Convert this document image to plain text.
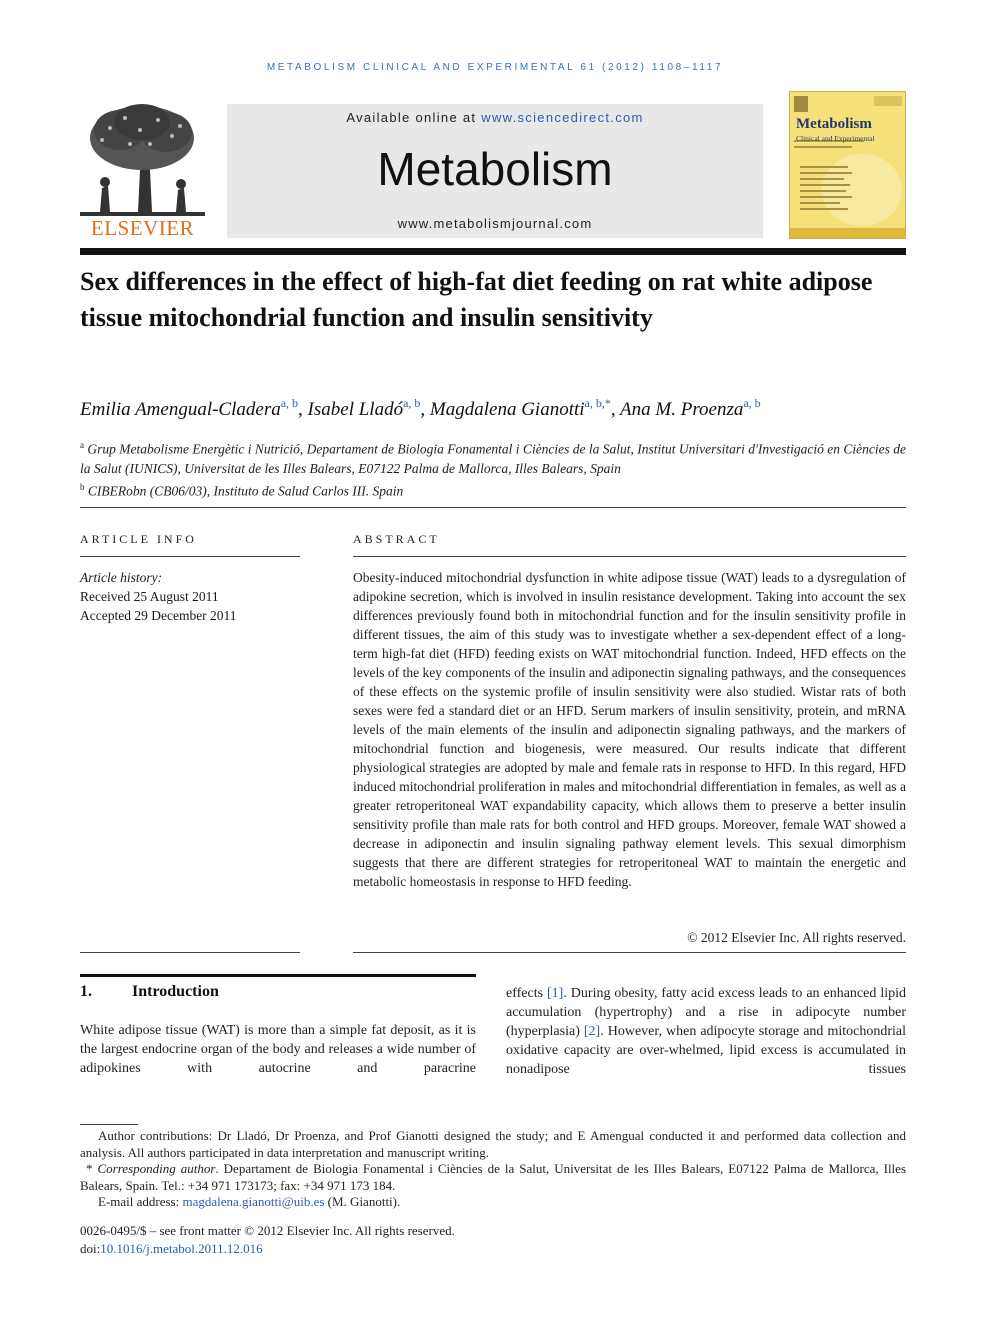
METABOLISM CLINICAL AND EXPERIMENTAL 61 (2012) 1108–1117
ELSEVIER
Available online at www.sciencedirect.com
Metabolism
www.metabolismjournal.com
Metabolism
Clinical and Experimental
Sex differences in the effect of high-fat diet feeding on rat white adipose tissue mitochondrial function and insulin sensitivity
Emilia Amengual-Cladera$^{a, b}$, Isabel Lladó$^{a, b}$, Magdalena Gianotti$^{a, b,*}$, Ana M. Proenza$^{a, b}$
$^a$ Grup Metabolisme Energètic i Nutrició, Departament de Biologia Fonamental i Ciències de la Salut, Institut Universitari d'Investigació en Ciències de la Salut (IUNICS), Universitat de les Illes Balears, E07122 Palma de Mallorca, Illes Balears, Spain
$^b$ CIBERobn (CB06/03), Instituto de Salud Carlos III. Spain
ARTICLE INFO	ABSTRACT
Article history:
Received 25 August 2011
Accepted 29 December 2011
Obesity-induced mitochondrial dysfunction in white adipose tissue (WAT) leads to a dysregulation of adipokine secretion, which is involved in insulin resistance development. Taking into account the sex differences previously found both in mitochondrial function and for the insulin sensitivity profile in different tissues, the aim of this study was to investigate whether a sex-dependent effect of a long-term high-fat diet (HFD) feeding exists on WAT mitochondrial function. Indeed, HFD effects on the levels of the key components of the insulin and adiponectin signaling pathways, and the consequences of these effects on the systemic profile of insulin sensitivity were also studied. Wistar rats of both sexes were fed a standard diet or an HFD. Serum markers of insulin sensitivity, protein, and mRNA levels of the main elements of the insulin and adiponectin signaling pathways, and the markers of mitochondrial function and biogenesis, were measured. Our results indicate that different physiological strategies are adopted by male and female rats in response to HFD. In this regard, HFD induced mitochondrial proliferation in males and mitochondrial differentiation in females, as well as a greater retroperitoneal WAT expandability capacity, which allows them to preserve a better insulin sensitivity profile than male rats for both control and HFD groups. Moreover, female WAT showed a decrease in adiponectin and insulin signaling pathway element levels. This sexual dimorphism suggests that there are different strategies for retroperitoneal WAT to maintain the energetic and metabolic homeostasis in response to HFD feeding.
© 2012 Elsevier Inc. All rights reserved.
1.	Introduction
White adipose tissue (WAT) is more than a simple fat deposit, as it is the largest endocrine organ of the body and releases a wide number of adipokines with autocrine and paracrine
effects [1]. During obesity, fatty acid excess leads to an enhanced lipid accumulation (hypertrophy) and a rise in adipocyte number (hyperplasia) [2]. However, when adipocyte storage and mitochondrial oxidative capacity are over-whelmed, lipid excess is accumulated in nonadipose tissues

Author contributions: Dr Lladó, Dr Proenza, and Prof Gianotti designed the study; and E Amengual conducted it and performed data collection and analysis. All authors participated in data interpretation and manuscript writing.

* Corresponding author. Departament de Biologia Fonamental i Ciències de la Salut, Universitat de les Illes Balears, E07122 Palma de Mallorca, Illes Balears, Spain. Tel.: +34 971 173173; fax: +34 971 173 184.

E-mail address: magdalena.gianotti@uib.es (M. Gianotti).

0026-0495/$ – see front matter © 2012 Elsevier Inc. All rights reserved.
doi:10.1016/j.metabol.2011.12.016
